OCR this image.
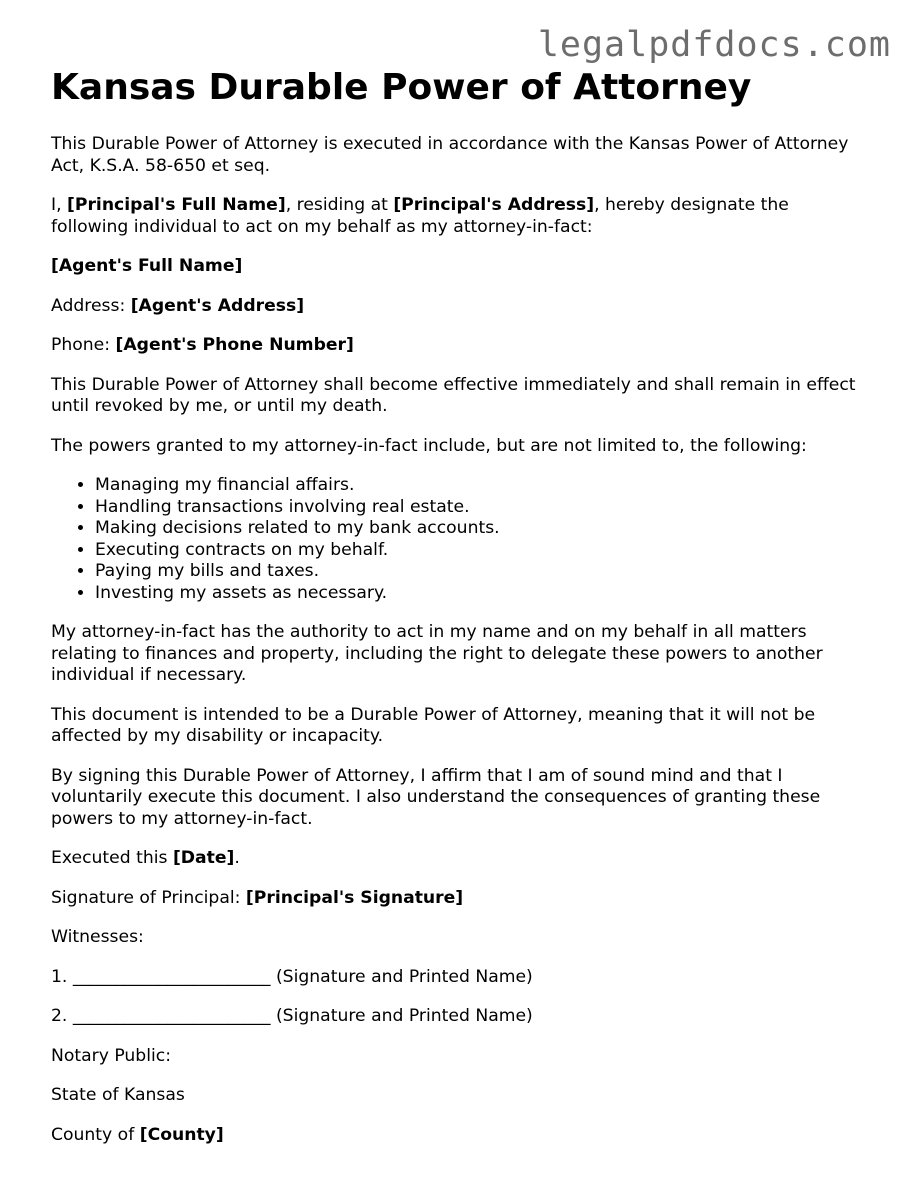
legalpdfdocs.com
Kansas Durable Power of Attorney

This Durable Power of Attorney is executed in accordance with the Kansas Power of Attorney Act, K.S.A. 58-650 et seq.

I, [Principal's Full Name], residing at [Principal's Address], hereby designate the following individual to act on my behalf as my attorney-in-fact:

[Agent's Full Name]

Address: [Agent's Address]

Phone: [Agent's Phone Number]

This Durable Power of Attorney shall become effective immediately and shall remain in effect until revoked by me, or until my death.

The powers granted to my attorney-in-fact include, but are not limited to, the following:

• Managing my financial affairs.
• Handling transactions involving real estate.
• Making decisions related to my bank accounts.
• Executing contracts on my behalf.
• Paying my bills and taxes.
• Investing my assets as necessary.

My attorney-in-fact has the authority to act in my name and on my behalf in all matters relating to finances and property, including the right to delegate these powers to another individual if necessary.

This document is intended to be a Durable Power of Attorney, meaning that it will not be affected by my disability or incapacity.

By signing this Durable Power of Attorney, I affirm that I am of sound mind and that I voluntarily execute this document. I also understand the consequences of granting these powers to my attorney-in-fact.

Executed this [Date].

Signature of Principal: [Principal's Signature]

Witnesses:

1. _______________________ (Signature and Printed Name)

2. _______________________ (Signature and Printed Name)

Notary Public:

State of Kansas

County of [County]
